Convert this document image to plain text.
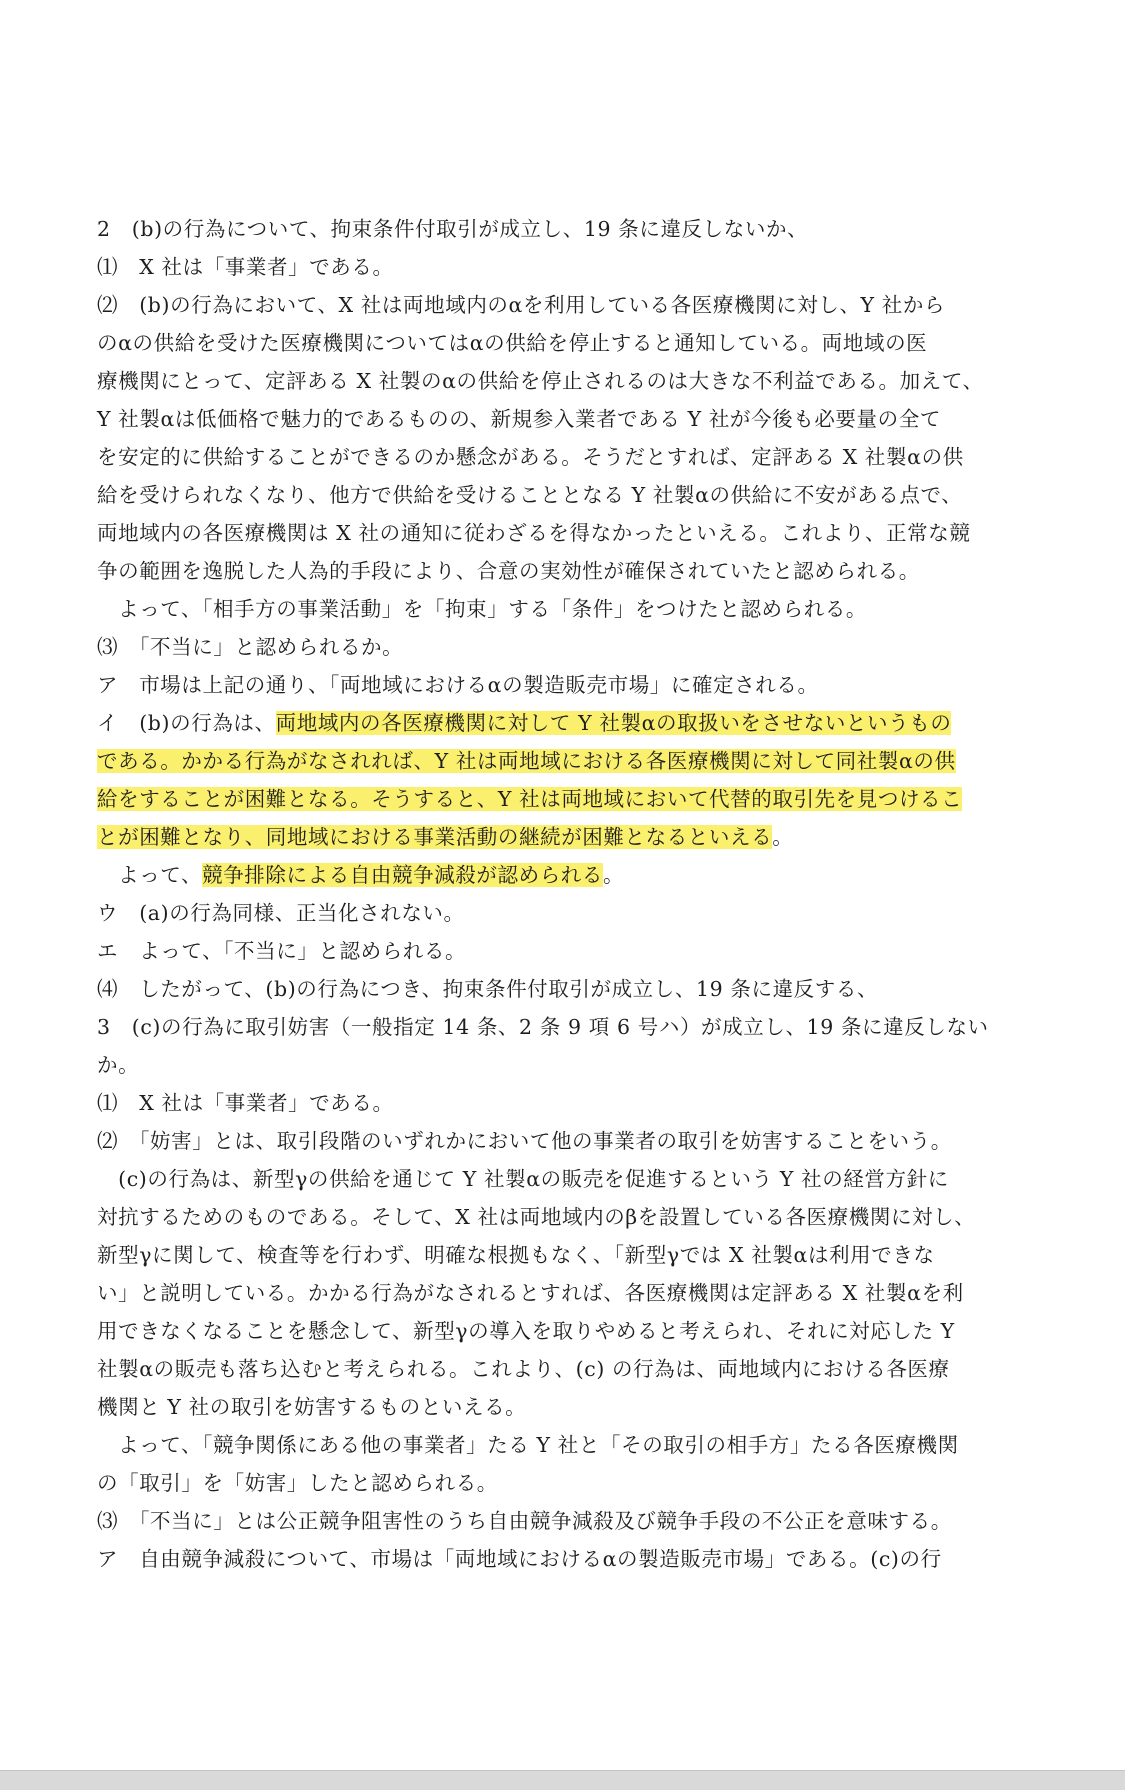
2　(b)の行為について、拘束条件付取引が成立し、19 条に違反しないか、
⑴　X 社は「事業者」である。
⑵　(b)の行為において、X 社は両地域内のαを利用している各医療機関に対し、Y 社から
のαの供給を受けた医療機関についてはαの供給を停止すると通知している。両地域の医
療機関にとって、定評ある X 社製のαの供給を停止されるのは大きな不利益である。加えて、
Y 社製αは低価格で魅力的であるものの、新規参入業者である Y 社が今後も必要量の全て
を安定的に供給することができるのか懸念がある。そうだとすれば、定評ある X 社製αの供
給を受けられなくなり、他方で供給を受けることとなる Y 社製αの供給に不安がある点で、
両地域内の各医療機関は X 社の通知に従わざるを得なかったといえる。これより、正常な競
争の範囲を逸脱した人為的手段により、合意の実効性が確保されていたと認められる。
　よって、「相手方の事業活動」を「拘束」する「条件」をつけたと認められる。
⑶　「不当に」と認められるか。
ア　市場は上記の通り、「両地域におけるαの製造販売市場」に確定される。
イ　(b)の行為は、両地域内の各医療機関に対して Y 社製αの取扱いをさせないというもの
である。かかる行為がなされれば、Y 社は両地域における各医療機関に対して同社製αの供
給をすることが困難となる。そうすると、Y 社は両地域において代替的取引先を見つけるこ
とが困難となり、同地域における事業活動の継続が困難となるといえる。
　よって、競争排除による自由競争減殺が認められる。
ウ　(a)の行為同様、正当化されない。
エ　よって、「不当に」と認められる。
⑷　したがって、(b)の行為につき、拘束条件付取引が成立し、19 条に違反する、
3　(c)の行為に取引妨害（一般指定 14 条、2 条 9 項 6 号ハ）が成立し、19 条に違反しない
か。
⑴　X 社は「事業者」である。
⑵　「妨害」とは、取引段階のいずれかにおいて他の事業者の取引を妨害することをいう。
　(c)の行為は、新型γの供給を通じて Y 社製αの販売を促進するという Y 社の経営方針に
対抗するためのものである。そして、X 社は両地域内のβを設置している各医療機関に対し、
新型γに関して、検査等を行わず、明確な根拠もなく、「新型γでは X 社製αは利用できな
い」と説明している。かかる行為がなされるとすれば、各医療機関は定評ある X 社製αを利
用できなくなることを懸念して、新型γの導入を取りやめると考えられ、それに対応した Y
社製αの販売も落ち込むと考えられる。これより、(c) の行為は、両地域内における各医療
機関と Y 社の取引を妨害するものといえる。
　よって、「競争関係にある他の事業者」たる Y 社と「その取引の相手方」たる各医療機関
の「取引」を「妨害」したと認められる。
⑶　「不当に」とは公正競争阻害性のうち自由競争減殺及び競争手段の不公正を意味する。
ア　自由競争減殺について、市場は「両地域におけるαの製造販売市場」である。(c)の行
